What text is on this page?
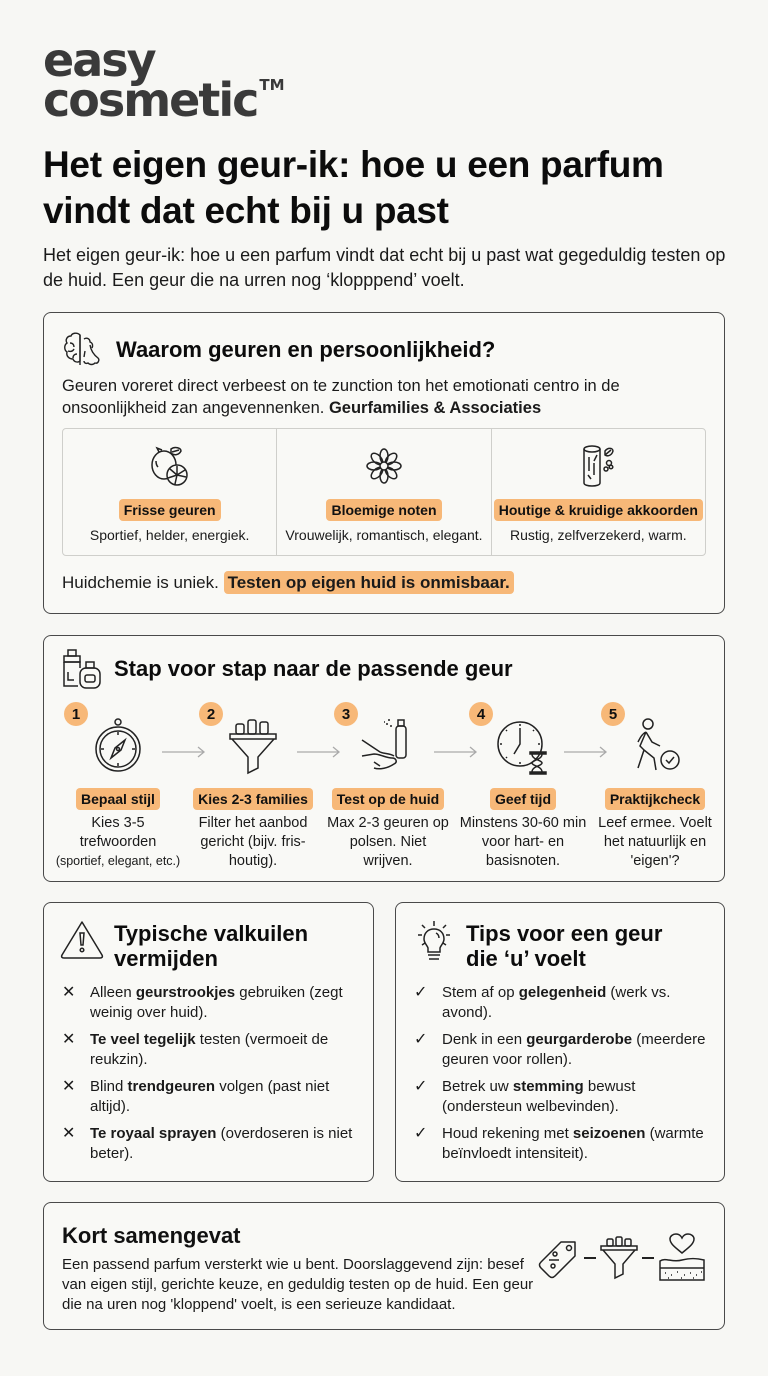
easy
cosmetic ™
Het eigen geur-ik: hoe u een parfum vindt dat echt bij u past

Het eigen geur-ik: hoe u een parfum vindt dat echt bij u past wat gegeduldig testen op de huid. Een geur die na urren nog ‘klopppend’ voelt.

Waarom geuren en persoonlijkheid?

Geuren voreret direct verbeest on te zunction ton het emotionati centro in de onsoonlijkheid zan angevennenken. Geurfamilies & Associaties

Frisse geuren
Sportief, helder, energiek.
Bloemige noten
Vrouwelijk, romantisch, elegant.
Houtige & kruidige akkoorden
Rustig, zelfverzekerd, warm.

Huidchemie is uniek. Testen op eigen huid is onmisbaar.

Stap voor stap naar de passende geur
1
Bepaal stijl

Kies 3-5 trefwoorden
(sportief, elegant, etc.)

2
Kies 2-3 families

Filter het aanbod gericht (bijv. fris-houtig).

3
Test op de huid

Max 2-3 geuren op polsen. Niet wrijven.

4
Geef tijd

Minstens 30-60 min voor hart- en basisnoten.

5
Praktijkcheck

Leef ermee. Voelt het natuurlijk en 'eigen'?

Typische valkuilen vermijden
✕ Alleen geurstrookjes gebruiken (zegt weinig over huid).
✕ Te veel tegelijk testen (vermoeit de reukzin).
✕ Blind trendgeuren volgen (past niet altijd).
✕ Te royaal sprayen (overdoseren is niet beter).
Tips voor een geur die ‘u’ voelt
✓ Stem af op gelegenheid (werk vs. avond).
✓ Denk in een geurgarderobe (meerdere geuren voor rollen).
✓ Betrek uw stemming bewust (ondersteun welbevinden).
✓ Houd rekening met seizoenen (warmte beïnvloedt intensiteit).
Kort samengevat

Een passend parfum versterkt wie u bent. Doorslaggevend zijn: besef van eigen stijl, gerichte keuze, en geduldig testen op de huid. Een geur die na uren nog 'kloppend' voelt, is een serieuze kandidaat.
